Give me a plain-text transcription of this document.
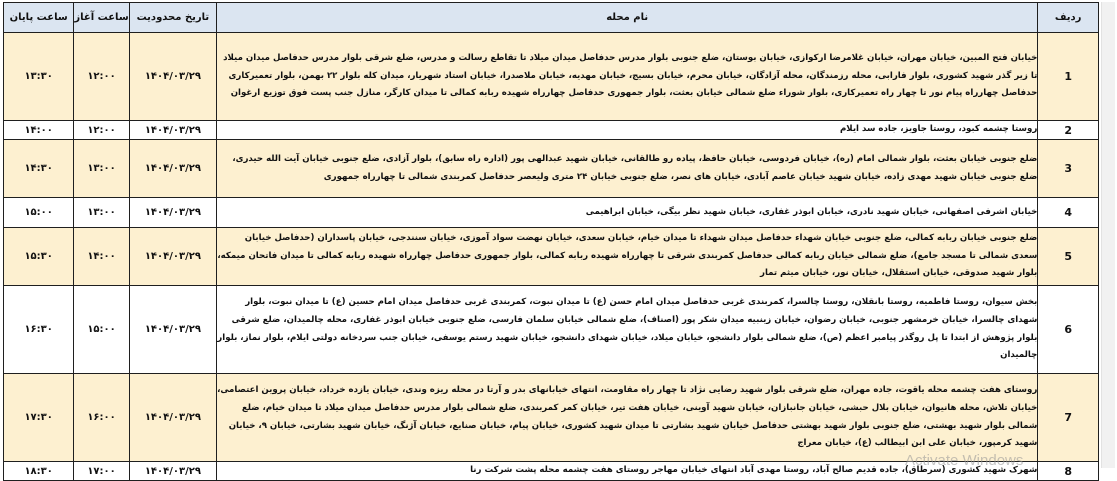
ردیف	نام محله	تاریخ محدودیت	ساعت آغاز	ساعت پایان
1	خیابان فتح المبین، خیابان مهران، خیابان غلامرضا ارکوازی، خیابان بوستان، ضلع جنوبی بلوار مدرس حدفاصل میدان میلاد تا تقاطع رسالت و مدرس، ضلع شرقی بلوار مدرس حدفاصل میدان میلاد تا زیر گذر شهید کشوری، بلوار فارابی، محله رزمندگان، محله آزادگان، خیابان محرم، خیابان بسیج، خیابان مهدیه، خیابان ملاصدرا، خیابان استاد شهریار، میدان کله بلوار ۲۲ بهمن، بلوار تعمیرکاری حدفاصل چهارراه پیام نور تا چهار راه تعمیرکاری، بلوار شوراء ضلع شمالی خیابان بعثت، بلوار جمهوری حدفاصل چهارراه شهیده ربابه کمالی تا میدان کارگر، منازل جنب پست فوق توزیع ارغوان	۱۴۰۴/۰۳/۲۹	۱۲:۰۰	۱۳:۳۰
2	روستا چشمه کبود، روستا جاویز، جاده سد ایلام	۱۴۰۴/۰۳/۲۹	۱۲:۰۰	۱۴:۰۰
3	ضلع جنوبی خیابان بعثت، بلوار شمالی امام (ره)، خیابان فردوسی، خیابان حافظ، پیاده رو طالقانی، خیابان شهید عبدالهی پور (اداره راه سابق)، بلوار آزادی، ضلع جنوبی خیابان آیت الله حیدری، ضلع جنوبی خیابان شهید مهدی زاده، خیابان شهید خیابان عاصم آبادی، خیابان های نصر، ضلع جنوبی خیابان ۲۴ متری ولیعصر حدفاصل کمربندی شمالی تا چهارراه جمهوری	۱۴۰۴/۰۳/۲۹	۱۳:۰۰	۱۴:۳۰
4	خیابان اشرفی اصفهانی، خیابان شهید نادری، خیابان ابوذر غفاری، خیابان شهید نظر بیگی، خیابان ابراهیمی	۱۴۰۴/۰۳/۲۹	۱۳:۰۰	۱۵:۰۰
5	ضلع جنوبی خیابان ربابه کمالی، ضلع جنوبی خیابان شهداء حدفاصل میدان شهداء تا میدان خیام، خیابان سعدی، خیابان نهضت سواد آموزی، خیابان سنندجی، خیابان پاسداران (حدفاصل خیابان سعدی شمالی تا مسجد جامع)، ضلع شمالی خیابان ربابه کمالی حدفاصل کمربندی شرقی تا چهارراه شهیده ربابه کمالی، بلوار جمهوری حدفاصل چهارراه شهیده ربابه کمالی تا میدان فاتحان میمکه، بلوار شهید صدوقی، خیابان استقلال، خیابان نور، خیابان میثم تمار	۱۴۰۴/۰۳/۲۹	۱۴:۰۰	۱۵:۳۰
6	بخش سیوان، روستا فاطمیه، روستا بانقلان، روستا چالسرا، کمربندی غربی حدفاصل میدان امام حسن (ع) تا میدان نبوت، کمربندی غربی حدفاصل میدان امام حسین (ع) تا میدان نبوت، بلوار شهدای چالسرا، خیابان خرمشهر جنوبی، خیابان رضوان، خیابان زینبیه میدان شکر پور (اصناف)، ضلع شمالی خیابان سلمان فارسی، ضلع جنوبی خیابان ابوذر غفاری، محله چالمیدان، ضلع شرقی بلوار پژوهش از ابتدا تا پل روگذر پیامبر اعظم (ص)، ضلع شمالی بلوار دانشجو، خیابان میلاد، خیابان شهدای دانشجو، خیابان شهید رستم یوسفی، خیابان جنب سردخانه دولتی ایلام، بلوار نماز، بلوار چالمیدان	۱۴۰۴/۰۳/۲۹	۱۵:۰۰	۱۶:۳۰
7	روستای هفت چشمه محله یاقوت، جاده مهران، ضلع شرقی بلوار شهید رضایی نژاد تا چهار راه مقاومت، انتهای خیابانهای بدر و آرتا در محله ریزه وندی، خیابان یازده خرداد، خیابان پروین اعتصامی، خیابان تلاش، محله هانیوان، خیابان بلال حبشی، خیابان جانبازان، خیابان شهید آوینی، خیابان هفت تیر، خیابان کمر کمربندی، ضلع شمالی بلوار مدرس حدفاصل میدان میلاد تا میدان خیام، ضلع شمالی بلوار شهید بهشتی، ضلع جنوبی بلوار شهید بهشتی حدفاصل خیابان شهید بشارتی تا میدان شهید کشوری، خیابان پیام، خیابان صنایع، خیابان آژنگ، خیابان شهید بشارتی، خیابان ۹، خیابان شهید کرمپور، خیابان علی ابن ابیطالب (ع)، خیابان معراج	۱۴۰۴/۰۳/۲۹	۱۶:۰۰	۱۷:۳۰
8	شهرک شهید کشوری (سرطاق)، جاده قدیم صالح آباد، روستا مهدی آباد انتهای خیابان مهاجر روستای هفت چشمه محله پشت شرکت رنا	۱۴۰۴/۰۳/۲۹	۱۷:۰۰	۱۸:۳۰
Activate Windows
